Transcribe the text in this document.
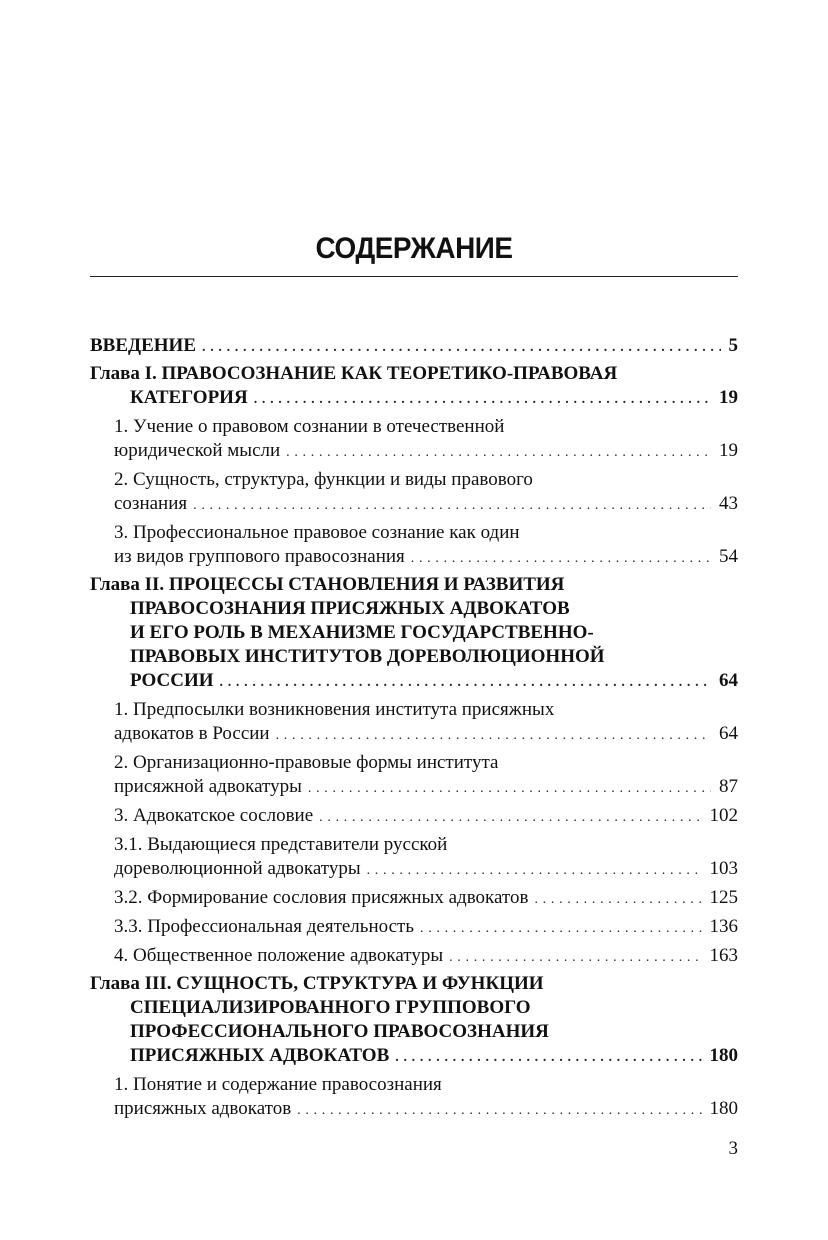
СОДЕРЖАНИЕ
ВВЕДЕНИЕ	5
. . .
Глава I. ПРАВОСОЗНАНИЕ КАК ТЕОРЕТИКО-ПРАВОВАЯ
КАТЕГОРИЯ	19
. . .
1. Учение о правовом сознании в отечественной
юридической мысли	19
. . .
2. Сущность, структура, функции и виды правового
сознания	43
. . .
3. Профессиональное правовое сознание как один
из видов группового правосознания	54
. . .
Глава II. ПРОЦЕССЫ СТАНОВЛЕНИЯ И РАЗВИТИЯ
ПРАВОСОЗНАНИЯ ПРИСЯЖНЫХ АДВОКАТОВ
И ЕГО РОЛЬ В МЕХАНИЗМЕ ГОСУДАРСТВЕННО-
ПРАВОВЫХ ИНСТИТУТОВ ДОРЕВОЛЮЦИОННОЙ
РОССИИ	64
. . .
1. Предпосылки возникновения института присяжных
адвокатов в России	64
. . .
2. Организационно-правовые формы института
присяжной адвокатуры	87
. . .
3. Адвокатское сословие	102
. . .
3.1. Выдающиеся представители русской
дореволюционной адвокатуры	103
. . .
3.2. Формирование сословия присяжных адвокатов	125
. . .
3.3. Профессиональная деятельность	136
. . .
4. Общественное положение адвокатуры	163
. . .
Глава III. СУЩНОСТЬ, СТРУКТУРА И ФУНКЦИИ
СПЕЦИАЛИЗИРОВАННОГО ГРУППОВОГО
ПРОФЕССИОНАЛЬНОГО ПРАВОСОЗНАНИЯ
ПРИСЯЖНЫХ АДВОКАТОВ	180
. . .
1. Понятие и содержание правосознания
присяжных адвокатов	180
. . .
3
